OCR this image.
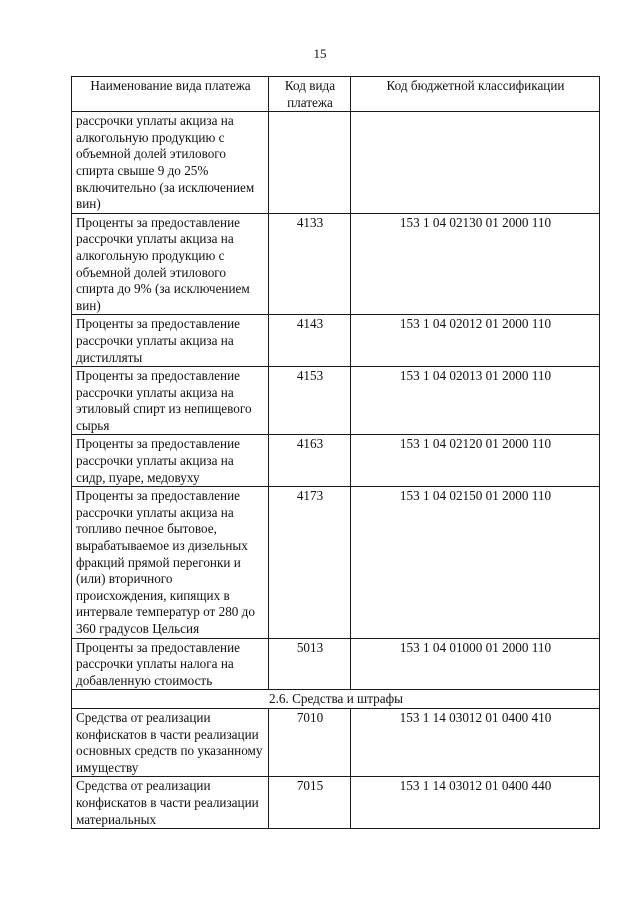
15
Наименование вида платежа	Код вида платежа	Код бюджетной классификации
рассрочки уплаты акциза на алкогольную продукцию с объемной долей этилового спирта свыше 9 до 25% включительно (за исключением вин)		
Проценты за предоставление рассрочки уплаты акциза на алкогольную продукцию с объемной долей этилового спирта до 9% (за исключением вин)	4133	153 1 04 02130 01 2000 110
Проценты за предоставление рассрочки уплаты акциза на дистилляты	4143	153 1 04 02012 01 2000 110
Проценты за предоставление рассрочки уплаты акциза на этиловый спирт из непищевого сырья	4153	153 1 04 02013 01 2000 110
Проценты за предоставление рассрочки уплаты акциза на сидр, пуаре, медовуху	4163	153 1 04 02120 01 2000 110
Проценты за предоставление рассрочки уплаты акциза на топливо печное бытовое, вырабатываемое из дизельных фракций прямой перегонки и (или) вторичного происхождения, кипящих в интервале температур от 280 до 360 градусов Цельсия	4173	153 1 04 02150 01 2000 110
Проценты за предоставление рассрочки уплаты налога на добавленную стоимость	5013	153 1 04 01000 01 2000 110
2.6. Средства и штрафы		
Средства от реализации конфискатов в части реализации основных средств по указанному имуществу	7010	153 1 14 03012 01 0400 410
Средства от реализации конфискатов в части реализации материальных	7015	153 1 14 03012 01 0400 440
